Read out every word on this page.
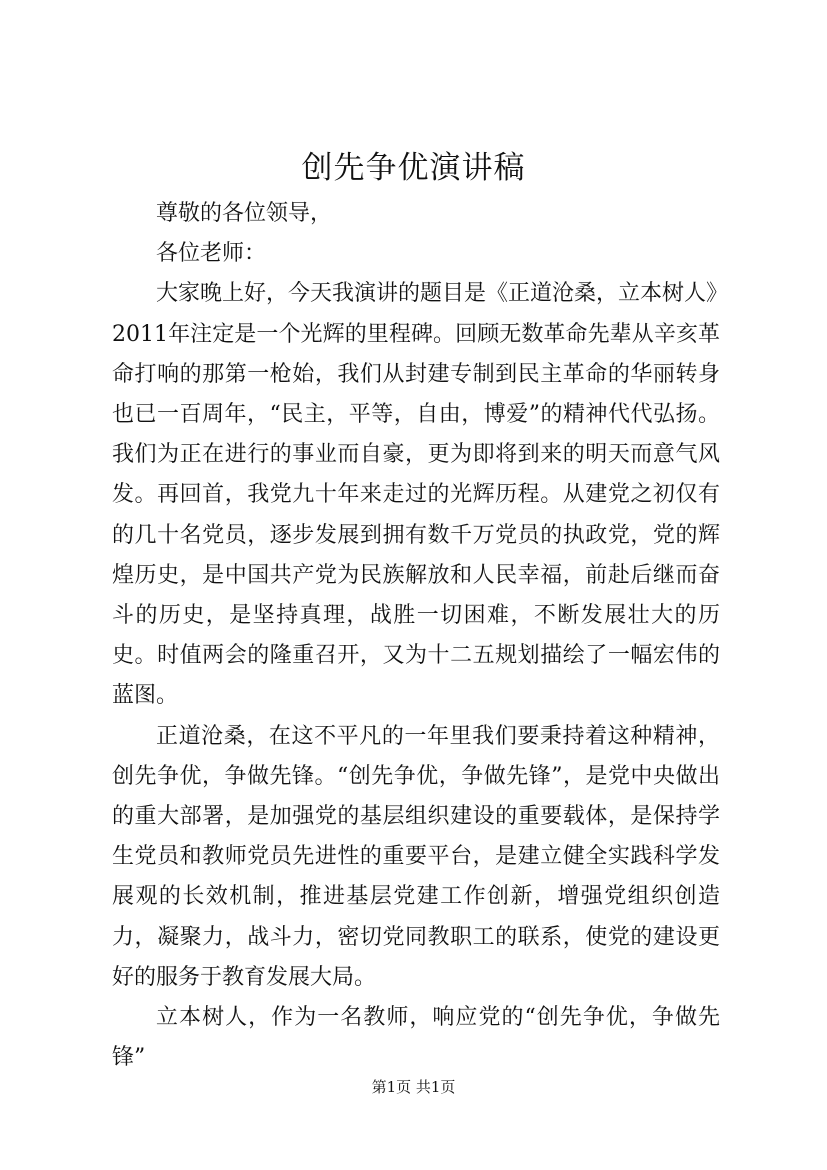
创先争优演讲稿

尊敬的各位领导，

各位老师：

大家晚上好，今天我演讲的题目是《正道沧桑，立本树人》

2011年注定是一个光辉的里程碑。回顾无数革命先辈从辛亥革命打响的那第一枪始，我们从封建专制到民主革命的华丽转身也已一百周年，“民主，平等，自由，博爱”的精神代代弘扬。我们为正在进行的事业而自豪，更为即将到来的明天而意气风发。再回首，我党九十年来走过的光辉历程。从建党之初仅有的几十名党员，逐步发展到拥有数千万党员的执政党，党的辉煌历史，是中国共产党为民族解放和人民幸福，前赴后继而奋斗的历史，是坚持真理，战胜一切困难，不断发展壮大的历史。时值两会的隆重召开，又为十二五规划描绘了一幅宏伟的蓝图。

正道沧桑，在这不平凡的一年里我们要秉持着这种精神，创先争优，争做先锋。“创先争优，争做先锋”，是党中央做出的重大部署，是加强党的基层组织建设的重要载体，是保持学生党员和教师党员先进性的重要平台，是建立健全实践科学发展观的长效机制，推进基层党建工作创新，增强党组织创造力，凝聚力，战斗力，密切党同教职工的联系，使党的建设更好的服务于教育发展大局。

立本树人，作为一名教师，响应党的“创先争优，争做先锋”

第1页 共1页
